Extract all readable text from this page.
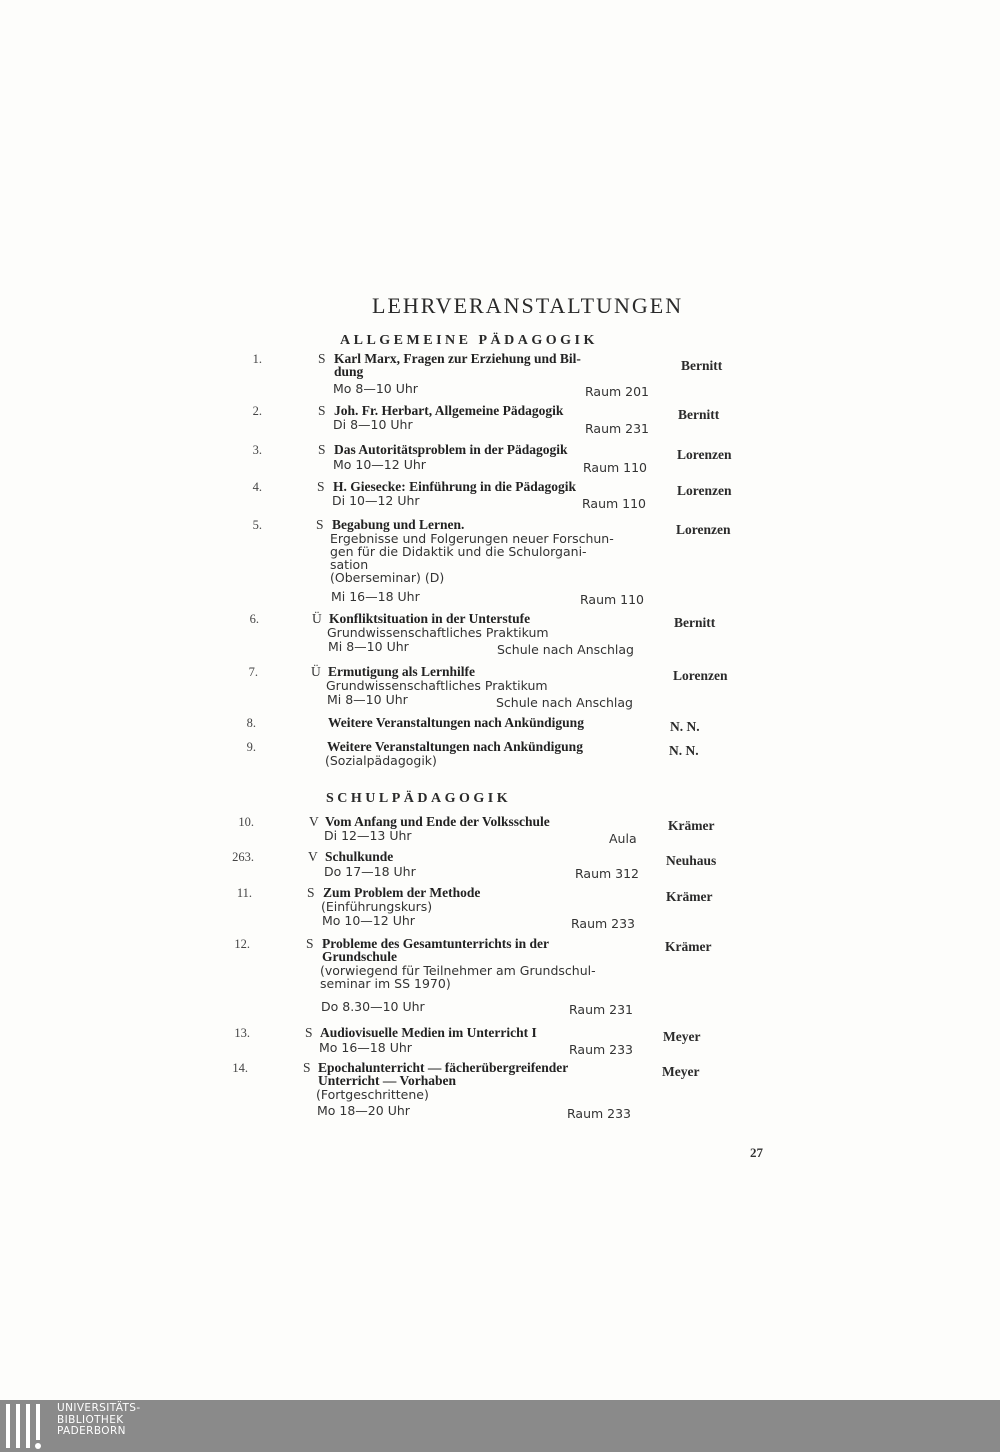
LEHRVERANSTALTUNGEN
ALLGEMEINE PÄDAGOGIK
SCHULPÄDAGOGIK
1.	S Karl Marx, Fragen zur Erziehung und Bil-
dung
Mo 8—10 Uhr	Raum 201
Bernitt
2.	S Joh. Fr. Herbart, Allgemeine Pädagogik
Di 8—10 Uhr	Raum 231
Bernitt
3.	S Das Autoritätsproblem in der Pädagogik
Mo 10—12 Uhr	Raum 110
Lorenzen
4.	S H. Giesecke: Einführung in die Pädagogik
Di 10—12 Uhr	Raum 110
Lorenzen
5.	S Begabung und Lernen.
Ergebnisse und Folgerungen neuer Forschun-
gen für die Didaktik und die Schulorgani-
sation
(Oberseminar) (D)
Mi 16—18 Uhr	Raum 110
Lorenzen
6.	Ü Konfliktsituation in der Unterstufe
Grundwissenschaftliches Praktikum
Mi 8—10 Uhr	Schule nach Anschlag
Bernitt
7.	Ü Ermutigung als Lernhilfe
Grundwissenschaftliches Praktikum
Mi 8—10 Uhr	Schule nach Anschlag
Lorenzen
8.	Weitere Veranstaltungen nach Ankündigung	N. N.
9.	Weitere Veranstaltungen nach Ankündigung
(Sozialpädagogik)
N. N.
10.	V Vom Anfang und Ende der Volksschule
Di 12—13 Uhr	Aula
Krämer
263.	V Schulkunde
Do 17—18 Uhr	Raum 312
Neuhaus
11.	S Zum Problem der Methode
(Einführungskurs)
Mo 10—12 Uhr	Raum 233
Krämer
12.	S Probleme des Gesamtunterrichts in der
Grundschule
(vorwiegend für Teilnehmer am Grundschul-
seminar im SS 1970)
Do 8.30—10 Uhr	Raum 231
Krämer
13.	S Audiovisuelle Medien im Unterricht I
Mo 16—18 Uhr	Raum 233
Meyer
14.	S Epochalunterricht — fächerübergreifender
Unterricht — Vorhaben
(Fortgeschrittene)
Mo 18—20 Uhr	Raum 233
Meyer
27
UNIVERSITÄTS-
BIBLIOTHEK
PADERBORN
